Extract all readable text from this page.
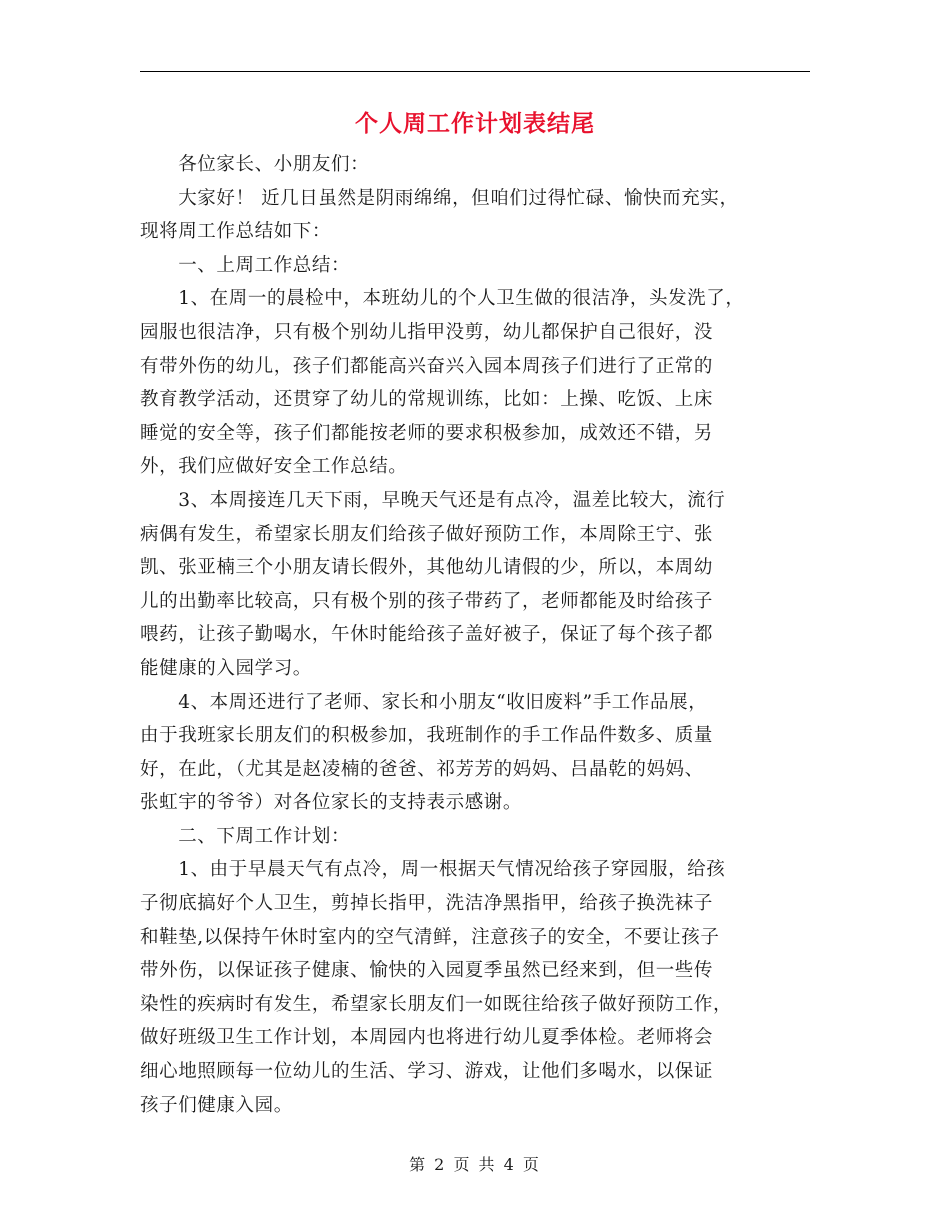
个人周工作计划表结尾
　　各位家长、小朋友们：
　　大家好！ 近几日虽然是阴雨绵绵，但咱们过得忙碌、愉快而充实，
现将周工作总结如下：
　　一、上周工作总结：
　　1、在周一的晨检中，本班幼儿的个人卫生做的很洁净，头发洗了，
园服也很洁净，只有极个别幼儿指甲没剪，幼儿都保护自己很好，没
有带外伤的幼儿，孩子们都能高兴奋兴入园本周孩子们进行了正常的
教育教学活动，还贯穿了幼儿的常规训练，比如：上操、吃饭、上床
睡觉的安全等，孩子们都能按老师的要求积极参加，成效还不错，另
外，我们应做好安全工作总结。
　　3、本周接连几天下雨，早晚天气还是有点冷，温差比较大，流行
病偶有发生，希望家长朋友们给孩子做好预防工作，本周除王宁、张
凯、张亚楠三个小朋友请长假外，其他幼儿请假的少，所以，本周幼
儿的出勤率比较高，只有极个别的孩子带药了，老师都能及时给孩子
喂药，让孩子勤喝水，午休时能给孩子盖好被子，保证了每个孩子都
能健康的入园学习。
　　4、本周还进行了老师、家长和小朋友“收旧废料”手工作品展，
由于我班家长朋友们的积极参加，我班制作的手工作品件数多、质量
好，在此，（尤其是赵凌楠的爸爸、祁芳芳的妈妈、吕晶乾的妈妈、
张虹宇的爷爷）对各位家长的支持表示感谢。
　　二、下周工作计划：
　　1、由于早晨天气有点冷，周一根据天气情况给孩子穿园服，给孩
子彻底搞好个人卫生，剪掉长指甲，洗洁净黑指甲，给孩子换洗袜子
和鞋垫,以保持午休时室内的空气清鲜，注意孩子的安全，不要让孩子
带外伤，以保证孩子健康、愉快的入园夏季虽然已经来到，但一些传
染性的疾病时有发生，希望家长朋友们一如既往给孩子做好预防工作，
做好班级卫生工作计划，本周园内也将进行幼儿夏季体检。老师将会
细心地照顾每一位幼儿的生活、学习、游戏，让他们多喝水，以保证
孩子们健康入园。
第 2 页 共 4 页
